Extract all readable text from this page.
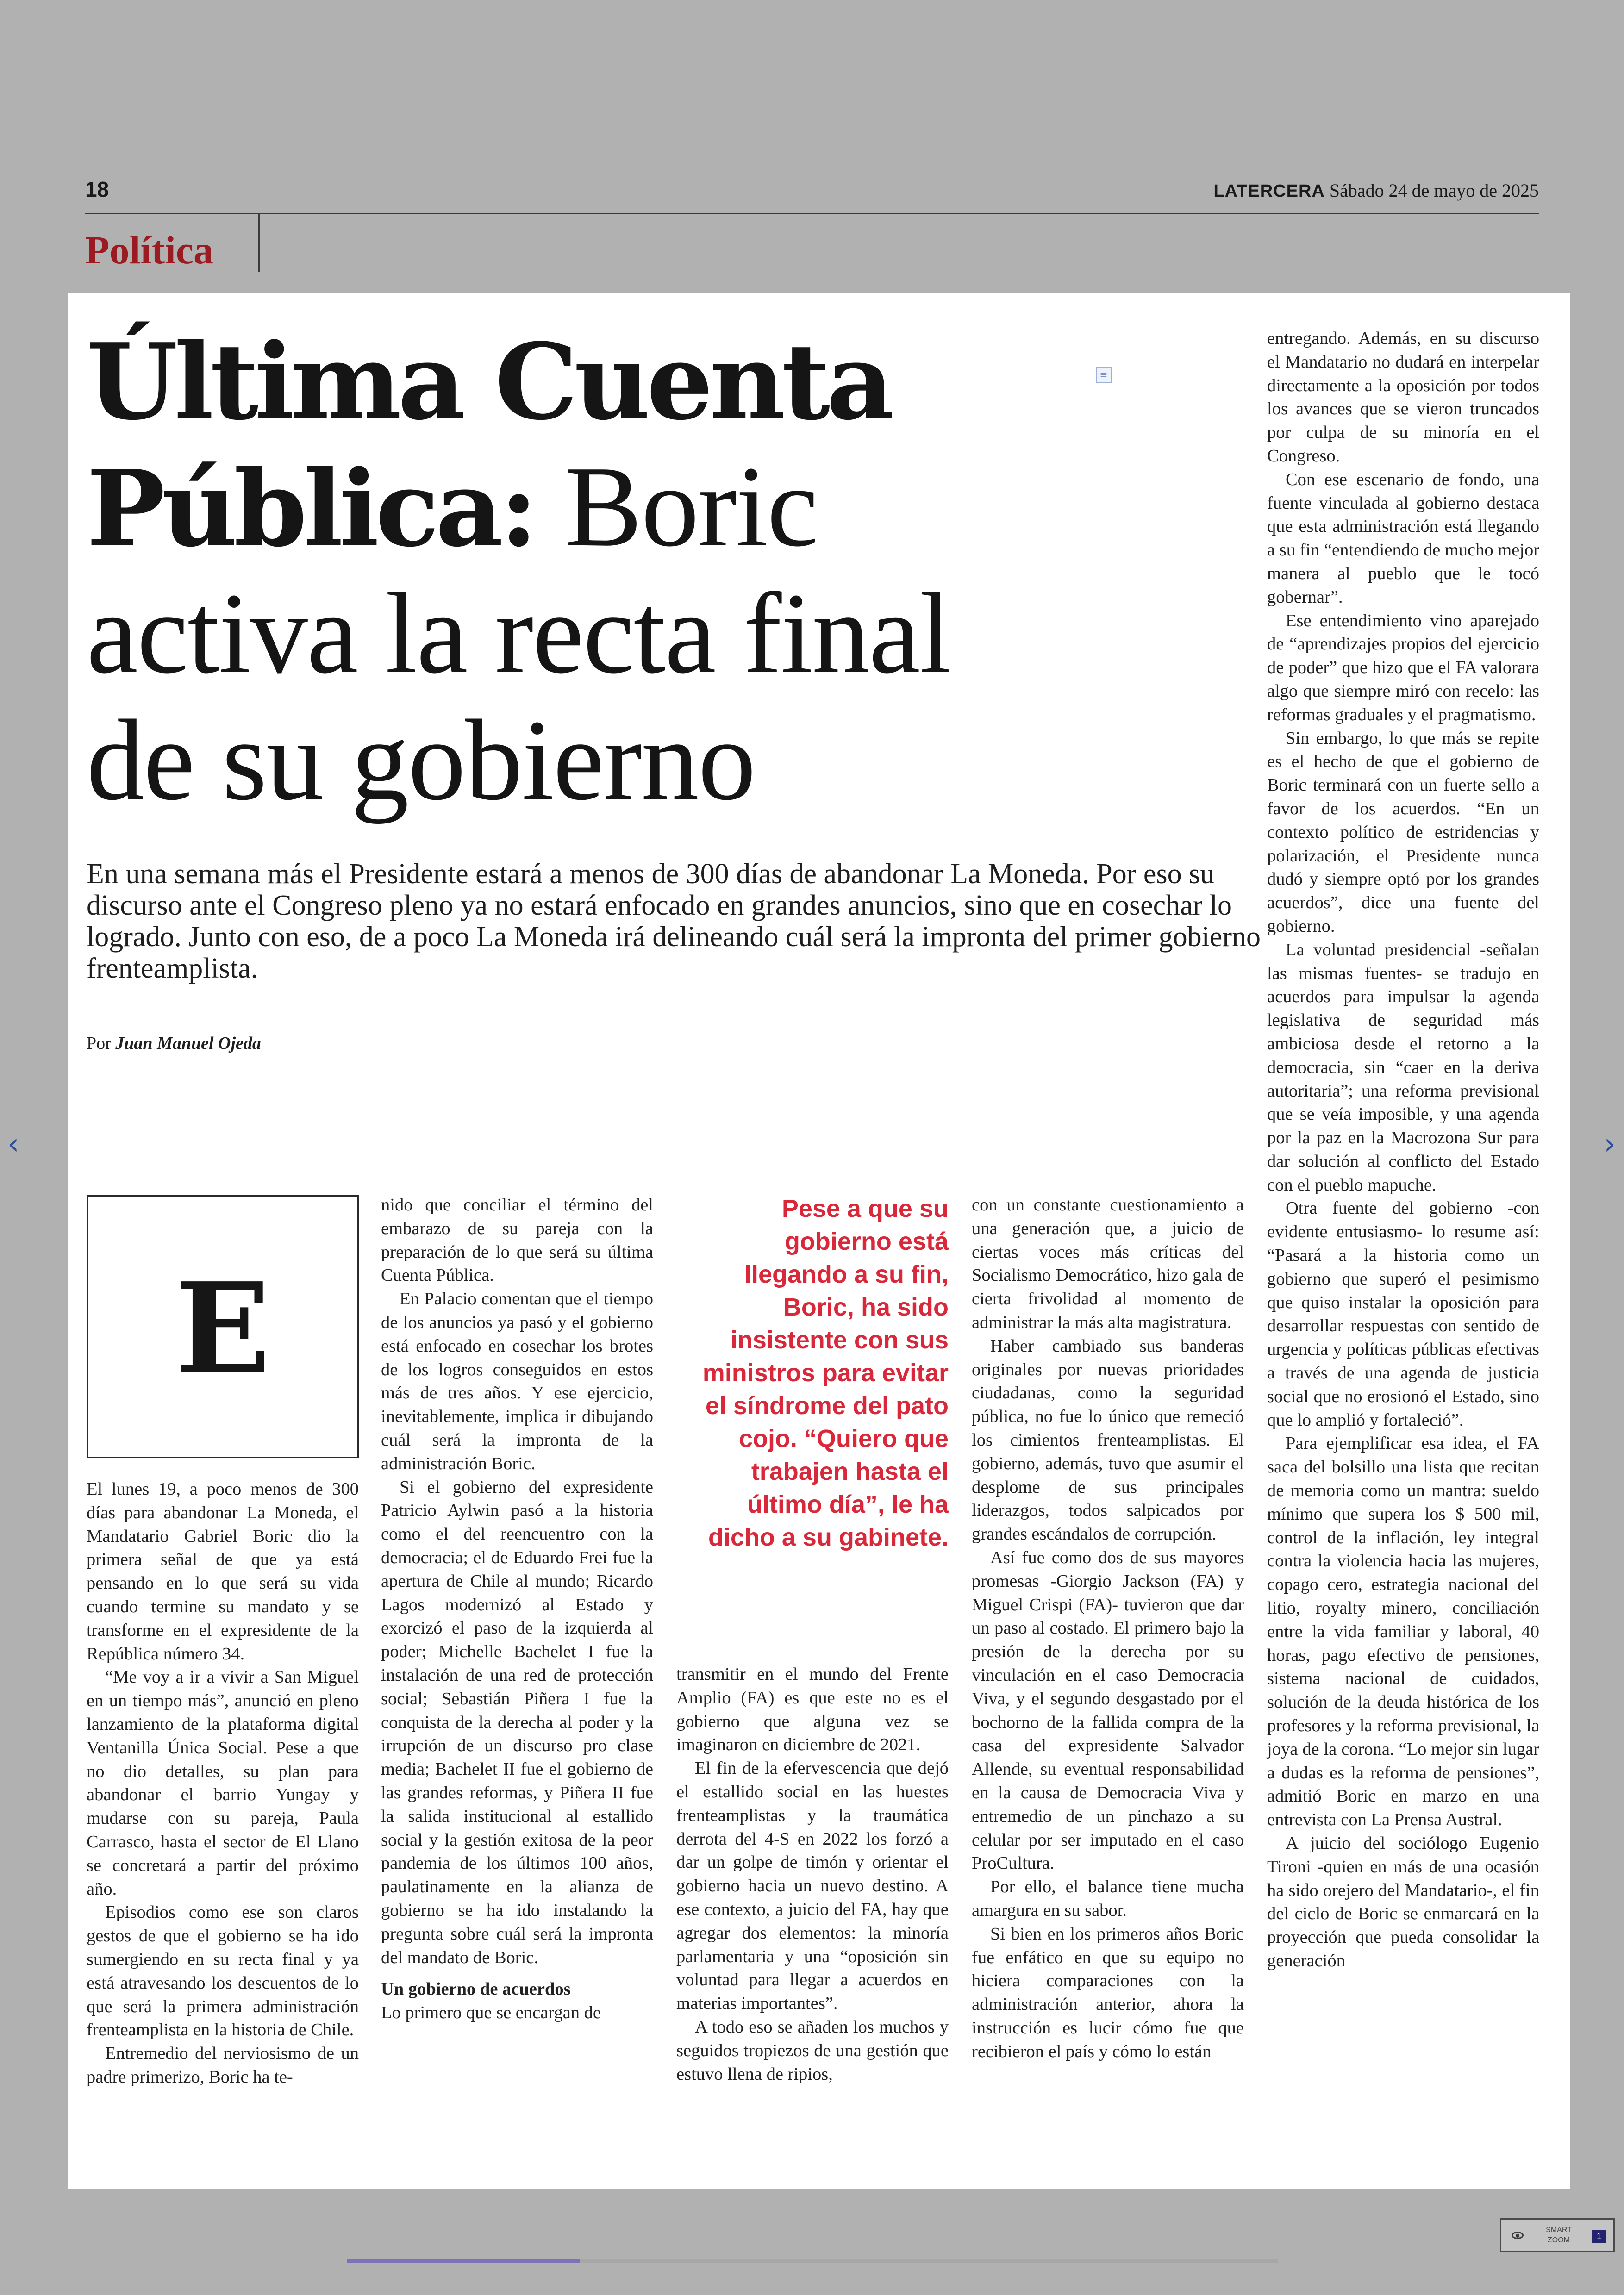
18	LATERCERA Sábado 24 de mayo de 2025
Política
Última Cuenta Pública: Boric
activa la recta final
de su gobierno
≡

En una semana más el Presidente estará a menos de 300 días de abandonar La Moneda. Por eso su discurso ante el Congreso pleno ya no estará enfocado en grandes anuncios, sino que en cosechar lo logrado. Junto con eso, de a poco La Moneda irá delineando cuál será la impronta del primer gobierno frenteamplista.

Por Juan Manuel Ojeda
E

El lunes 19, a poco menos de 300 días para abandonar La Moneda, el Mandatario Gabriel Boric dio la primera señal de que ya está pensando en lo que será su vida cuando termine su mandato y se transforme en el expresidente de la República número 34.

“Me voy a ir a vivir a San Miguel en un tiempo más”, anunció en pleno lanzamiento de la plataforma digital Ventanilla Única Social. Pese a que no dio detalles, su plan para abandonar el barrio Yungay y mudarse con su pareja, Paula Carrasco, hasta el sector de El Llano se concretará a partir del próximo año.

Episodios como ese son claros gestos de que el gobierno se ha ido sumergiendo en su recta final y ya está atravesando los descuentos de lo que será la primera administración frenteamplista en la historia de Chile.

Entremedio del nerviosismo de un padre primerizo, Boric ha te-

nido que conciliar el término del embarazo de su pareja con la preparación de lo que será su última Cuenta Pública.

En Palacio comentan que el tiempo de los anuncios ya pasó y el gobierno está enfocado en cosechar los brotes de los logros conseguidos en estos más de tres años. Y ese ejercicio, inevitablemente, implica ir dibujando cuál será la impronta de la administración Boric.

Si el gobierno del expresidente Patricio Aylwin pasó a la historia como el del reencuentro con la democracia; el de Eduardo Frei fue la apertura de Chile al mundo; Ricardo Lagos modernizó al Estado y exorcizó el paso de la izquierda al poder; Michelle Bachelet I fue la instalación de una red de protección social; Sebastián Piñera I fue la conquista de la derecha al poder y la irrupción de un discurso pro clase media; Bachelet II fue el gobierno de las grandes reformas, y Piñera II fue la salida institucional al estallido social y la gestión exitosa de la peor pandemia de los últimos 100 años, paulatinamente en la alianza de gobierno se ha ido instalando la pregunta sobre cuál será la impronta del mandato de Boric.

Un gobierno de acuerdos

Lo primero que se encargan de

Pese a que su gobierno está llegando a su fin, Boric, ha sido insistente con sus ministros para evitar el síndrome del pato cojo. “Quiero que trabajen hasta el último día”, le ha dicho a su gabinete.

transmitir en el mundo del Frente Amplio (FA) es que este no es el gobierno que alguna vez se imaginaron en diciembre de 2021.

El fin de la efervescencia que dejó el estallido social en las huestes frenteamplistas y la traumática derrota del 4-S en 2022 los forzó a dar un golpe de timón y orientar el gobierno hacia un nuevo destino. A ese contexto, a juicio del FA, hay que agregar dos elementos: la minoría parlamentaria y una “oposición sin voluntad para llegar a acuerdos en materias importantes”.

A todo eso se añaden los muchos y seguidos tropiezos de una gestión que estuvo llena de ripios,

con un constante cuestionamiento a una generación que, a juicio de ciertas voces más críticas del Socialismo Democrático, hizo gala de cierta frivolidad al momento de administrar la más alta magistratura.

Haber cambiado sus banderas originales por nuevas prioridades ciudadanas, como la seguridad pública, no fue lo único que remeció los cimientos frenteamplistas. El gobierno, además, tuvo que asumir el desplome de sus principales liderazgos, todos salpicados por grandes escándalos de corrupción.

Así fue como dos de sus mayores promesas -Giorgio Jackson (FA) y Miguel Crispi (FA)- tuvieron que dar un paso al costado. El primero bajo la presión de la derecha por su vinculación en el caso Democracia Viva, y el segundo desgastado por el bochorno de la fallida compra de la casa del expresidente Salvador Allende, su eventual responsabilidad en la causa de Democracia Viva y entremedio de un pinchazo a su celular por ser imputado en el caso ProCultura.

Por ello, el balance tiene mucha amargura en su sabor.

Si bien en los primeros años Boric fue enfático en que su equipo no hiciera comparaciones con la administración anterior, ahora la instrucción es lucir cómo fue que recibieron el país y cómo lo están

entregando. Además, en su discurso el Mandatario no dudará en interpelar directamente a la oposición por todos los avances que se vieron truncados por culpa de su minoría en el Congreso.

Con ese escenario de fondo, una fuente vinculada al gobierno destaca que esta administración está llegando a su fin “entendiendo de mucho mejor manera al pueblo que le tocó gobernar”.

Ese entendimiento vino aparejado de “aprendizajes propios del ejercicio de poder” que hizo que el FA valorara algo que siempre miró con recelo: las reformas graduales y el pragmatismo.

Sin embargo, lo que más se repite es el hecho de que el gobierno de Boric terminará con un fuerte sello a favor de los acuerdos. “En un contexto político de estridencias y polarización, el Presidente nunca dudó y siempre optó por los grandes acuerdos”, dice una fuente del gobierno.

La voluntad presidencial -señalan las mismas fuentes- se tradujo en acuerdos para impulsar la agenda legislativa de seguridad más ambiciosa desde el retorno a la democracia, sin “caer en la deriva autoritaria”; una reforma previsional que se veía imposible, y una agenda por la paz en la Macrozona Sur para dar solución al conflicto del Estado con el pueblo mapuche.

Otra fuente del gobierno -con evidente entusiasmo- lo resume así: “Pasará a la historia como un gobierno que superó el pesimismo que quiso instalar la oposición para desarrollar respuestas con sentido de urgencia y políticas públicas efectivas a través de una agenda de justicia social que no erosionó el Estado, sino que lo amplió y fortaleció”.

Para ejemplificar esa idea, el FA saca del bolsillo una lista que recitan de memoria como un mantra: sueldo mínimo que supera los $ 500 mil, control de la inflación, ley integral contra la violencia hacia las mujeres, copago cero, estrategia nacional del litio, royalty minero, conciliación entre la vida familiar y laboral, 40 horas, pago efectivo de pensiones, sistema nacional de cuidados, solución de la deuda histórica de los profesores y la reforma previsional, la joya de la corona. “Lo mejor sin lugar a dudas es la reforma de pensiones”, admitió Boric en marzo en una entrevista con La Prensa Austral.

A juicio del sociólogo Eugenio Tironi -quien en más de una ocasión ha sido orejero del Mandatario-, el fin del ciclo de Boric se enmarcará en la proyección que pueda consolidar la generación

‹	›
SMART ZOOM	1
